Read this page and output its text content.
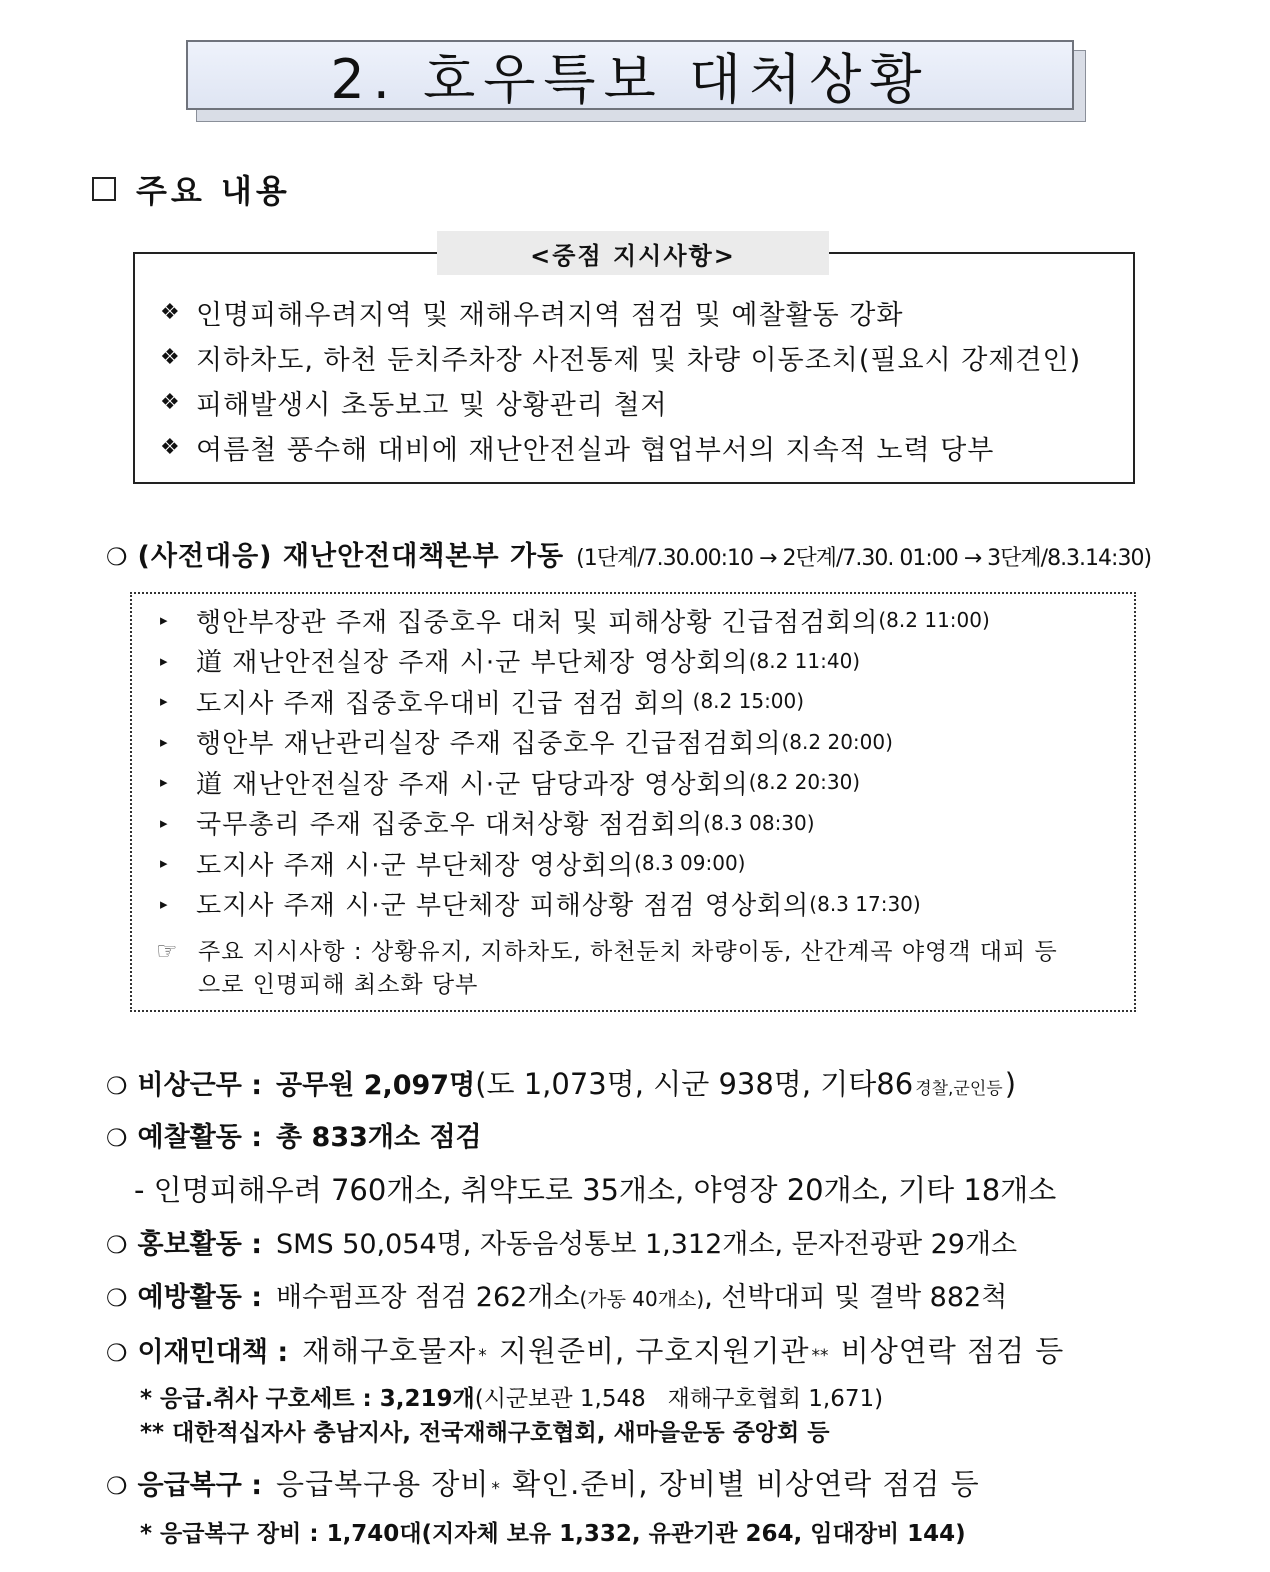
2. 호우특보 대처상황
주요 내용
<중점 지시사항>
❖ 인명피해우려지역 및 재해우려지역 점검 및 예찰활동 강화
❖ 지하차도, 하천 둔치주차장 사전통제 및 차량 이동조치(필요시 강제견인)
❖ 피해발생시 초동보고 및 상황관리 철저
❖ 여름철 풍수해 대비에 재난안전실과 협업부서의 지속적 노력 당부
❍ (사전대응) 재난안전대책본부 가동 (1단계/7.30.00:10 → 2단계/7.30. 01:00 → 3단계/8.3.14:30)
▸	행안부장관 주재 집중호우 대처 및 피해상황 긴급점검회의 (8.2 11:00)
▸	道 재난안전실장 주재 시·군 부단체장 영상회의 (8.2 11:40)
▸	도지사 주재 집중호우대비 긴급 점검 회의 (8.2 15:00)
▸	행안부 재난관리실장 주재 집중호우 긴급점검회의 (8.2 20:00)
▸	道 재난안전실장 주재 시·군 담당과장 영상회의 (8.2 20:30)
▸	국무총리 주재 집중호우 대처상황 점검회의 (8.3 08:30)
▸	도지사 주재 시·군 부단체장 영상회의 (8.3 09:00)
▸	도지사 주재 시·군 부단체장 피해상황 점검 영상회의 (8.3 17:30)
☞ 주요 지시사항 : 상황유지, 지하차도, 하천둔치 차량이동, 산간계곡 야영객 대피 등
으로 인명피해 최소화 당부
❍ 비상근무 : 공무원 2,097명 (도 1,073명, 시군 938명, 기타86 경찰,군인등 )
❍ 예찰활동 : 총 833개소 점검
- 인명피해우려 760개소, 취약도로 35개소, 야영장 20개소, 기타 18개소
❍ 홍보활동 : SMS 50,054명, 자동음성통보 1,312개소, 문자전광판 29개소
❍ 예방활동 : 배수펌프장 점검 262개소 (가동 40개소) , 선박대피 및 결박 882척
❍ 이재민대책 : 재해구호물자 * 지원준비, 구호지원기관 ** 비상연락 점검 등
* 응급.취사 구호세트 : 3,219개 (시군보관 1,548   재해구호협회 1,671)
** 대한적십자사 충남지사, 전국재해구호협회, 새마을운동 중앙회 등
❍ 응급복구 : 응급복구용 장비 * 확인.준비, 장비별 비상연락 점검 등
* 응급복구 장비 : 1,740대(지자체 보유 1,332, 유관기관 264, 임대장비 144)
